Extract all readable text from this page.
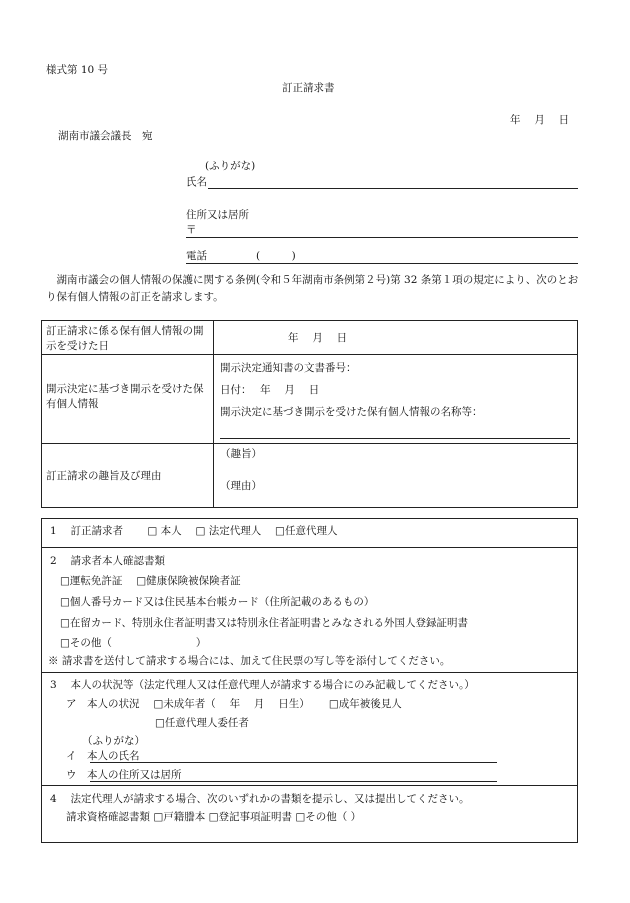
様式第 10 号
訂正請求書
年　 月　 日
湖南市議会議長　宛
(ふりがな)
氏名
住所又は居所
〒
電話	(　　　)
湖南市議会の個人情報の保護に関する条例(令和５年湖南市条例第２号)第 32 条第１項の規定により、次のとおり保有個人情報の訂正を請求します。
訂正請求に係る保有個人情報の開示を受けた日
年　 月　 日
開示決定に基づき開示を受けた保有個人情報
開示決定通知書の文書番号：
日付：　 年　 月　 日
開示決定に基づき開示を受けた保有個人情報の名称等：
訂正請求の趣旨及び理由
（趣旨）
（理由）
1　 訂正請求者　　 □ 本人　 □ 法定代理人　 □任意代理人
2　 請求者本人確認書類
□運転免許証　 □健康保険被保険者証
□個人番号カード又は住民基本台帳カード（住所記載のあるもの）
□在留カード、特別永住者証明書又は特別永住者証明書とみなされる外国人登録証明書
□その他（　　　　　　　　）
※ 請求書を送付して請求する場合には、加えて住民票の写し等を添付してください。
3　 本人の状況等（法定代理人又は任意代理人が請求する場合にのみ記載してください。）
ア　本人の状況　 □未成年者（　 年　 月　 日生）　　 □成年被後見人
□任意代理人委任者
（ふりがな）
イ　本人の氏名
ウ　本人の住所又は居所
4　 法定代理人が請求する場合、次のいずれかの書類を提示し、又は提出してください。
請求資格確認書類 □戸籍謄本 □登記事項証明書 □その他（ ）
